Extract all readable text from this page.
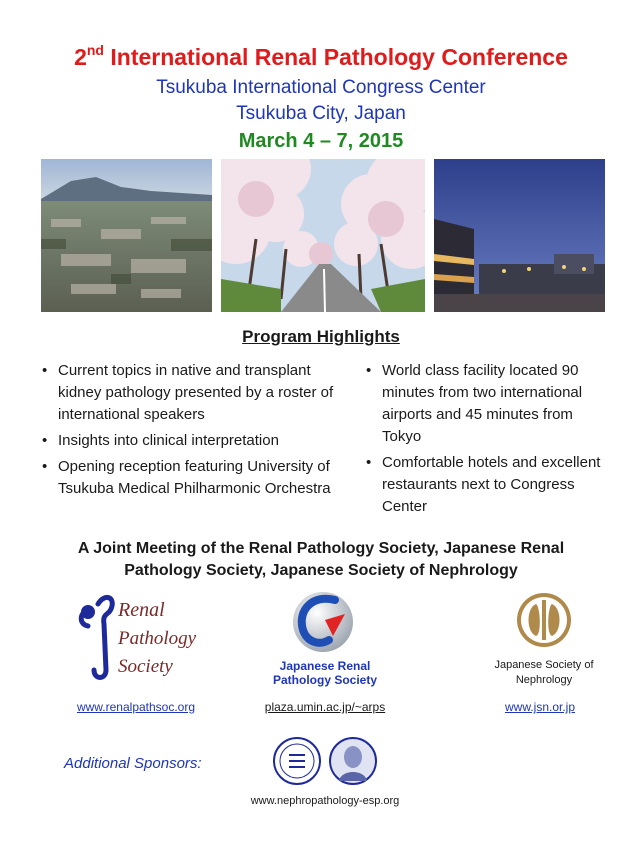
2nd International Renal Pathology Conference
Tsukuba International Congress Center
Tsukuba City, Japan
March 4 – 7, 2015
Program Highlights
• Current topics in native and transplant kidney pathology presented by a roster of international speakers
• Insights into clinical interpretation
• Opening reception featuring University of Tsukuba Medical Philharmonic Orchestra
• World class facility located 90 minutes from two international airports and 45 minutes from Tokyo
• Comfortable hotels and excellent restaurants next to Congress Center
A Joint Meeting of the Renal Pathology Society, Japanese Renal Pathology Society, Japanese Society of Nephrology
Renal
Pathology
Society	Japanese Renal
Pathology Society
Japanese Society of
Nephrology
www.renalpathsoc.org	plaza.umin.ac.jp/~arps	www.jsn.or.jp
Additional Sponsors:
www.nephropathology-esp.org
